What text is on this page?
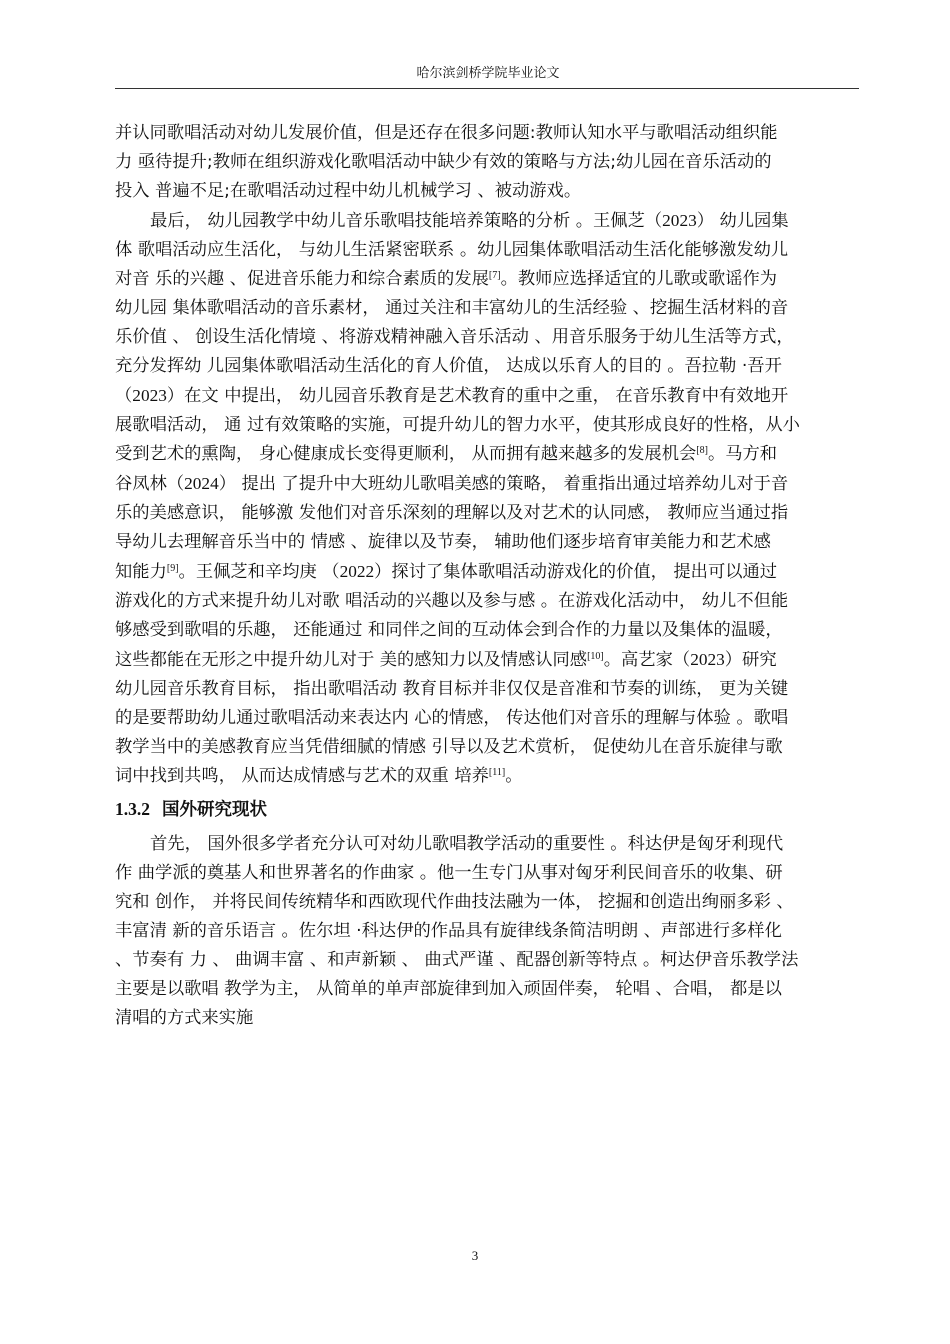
哈尔滨剑桥学院毕业论文

并认同歌唱活动对幼儿发展价值，但是还存在很多问题:教师认知水平与歌唱活动组织能
力 亟待提升;教师在组织游戏化歌唱活动中缺少有效的策略与方法;幼儿园在音乐活动的
投入 普遍不足;在歌唱活动过程中幼儿机械学习 、被动游戏。

最后， 幼儿园教学中幼儿音乐歌唱技能培养策略的分析 。王佩芝（2023） 幼儿园集
体 歌唱活动应生活化， 与幼儿生活紧密联系 。幼儿园集体歌唱活动生活化能够激发幼儿
对音 乐的兴趣 、促进音乐能力和综合素质的发展[7]。教师应选择适宜的儿歌或歌谣作为
幼儿园 集体歌唱活动的音乐素材， 通过关注和丰富幼儿的生活经验 、挖掘生活材料的音
乐价值 、 创设生活化情境 、将游戏精神融入音乐活动 、用音乐服务于幼儿生活等方式，
充分发挥幼 儿园集体歌唱活动生活化的育人价值， 达成以乐育人的目的 。吾拉勒 ·吾开
（2023）在文 中提出， 幼儿园音乐教育是艺术教育的重中之重， 在音乐教育中有效地开
展歌唱活动， 通 过有效策略的实施，可提升幼儿的智力水平，使其形成良好的性格，从小
受到艺术的熏陶， 身心健康成长变得更顺利， 从而拥有越来越多的发展机会[8]。马方和
谷凤林（2024） 提出 了提升中大班幼儿歌唱美感的策略， 着重指出通过培养幼儿对于音
乐的美感意识， 能够激 发他们对音乐深刻的理解以及对艺术的认同感， 教师应当通过指
导幼儿去理解音乐当中的 情感 、旋律以及节奏， 辅助他们逐步培育审美能力和艺术感
知能力[9]。王佩芝和辛均庚 （2022）探讨了集体歌唱活动游戏化的价值， 提出可以通过
游戏化的方式来提升幼儿对歌 唱活动的兴趣以及参与感 。在游戏化活动中， 幼儿不但能
够感受到歌唱的乐趣， 还能通过 和同伴之间的互动体会到合作的力量以及集体的温暖，
这些都能在无形之中提升幼儿对于 美的感知力以及情感认同感[10]。高艺家（2023）研究
幼儿园音乐教育目标， 指出歌唱活动 教育目标并非仅仅是音准和节奏的训练， 更为关键
的是要帮助幼儿通过歌唱活动来表达内 心的情感， 传达他们对音乐的理解与体验 。歌唱
教学当中的美感教育应当凭借细腻的情感 引导以及艺术赏析， 促使幼儿在音乐旋律与歌
词中找到共鸣， 从而达成情感与艺术的双重 培养[11]。

1.3.2 国外研究现状

首先， 国外很多学者充分认可对幼儿歌唱教学活动的重要性 。科达伊是匈牙利现代
作 曲学派的奠基人和世界著名的作曲家 。他一生专门从事对匈牙利民间音乐的收集、研
究和 创作， 并将民间传统精华和西欧现代作曲技法融为一体， 挖掘和创造出绚丽多彩 、
丰富清 新的音乐语言 。佐尔坦 ·科达伊的作品具有旋律线条简洁明朗 、声部进行多样化
、节奏有 力 、 曲调丰富 、和声新颖 、 曲式严谨 、配器创新等特点 。柯达伊音乐教学法
主要是以歌唱 教学为主， 从简单的单声部旋律到加入顽固伴奏， 轮唱 、合唱， 都是以
清唱的方式来实施

3
